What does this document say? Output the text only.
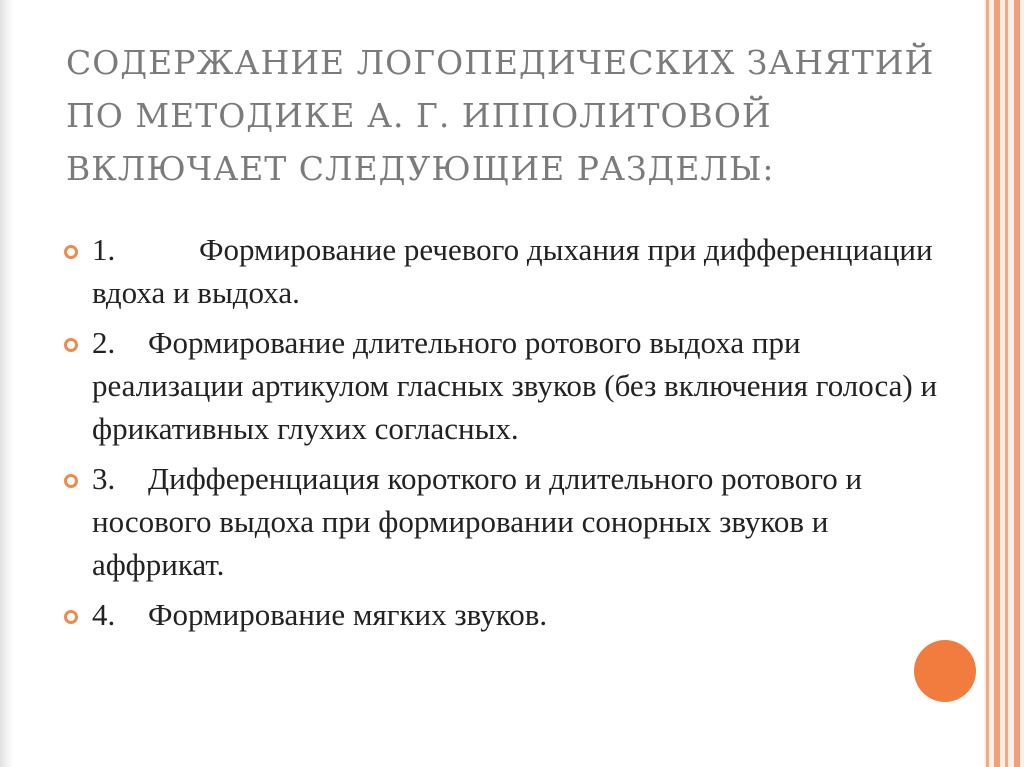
СОДЕРЖАНИЕ ЛОГОПЕДИЧЕСКИХ ЗАНЯТИЙ ПО МЕТОДИКЕ А. Г. ИППОЛИТОВОЙ ВКЛЮЧАЕТ СЛЕДУЮЩИЕ РАЗДЕЛЫ:
1.	Формирование речевого дыхания при дифференциации вдоха и выдоха.
2. Формирование длительного ротового выдоха при реализации артикулом гласных звуков (без включения голоса) и фрикативных глухих согласных.
3. Дифференциация короткого и длительного ротового и носового выдоха при формировании сонорных звуков и аффрикат.
4. Формирование мягких звуков.
